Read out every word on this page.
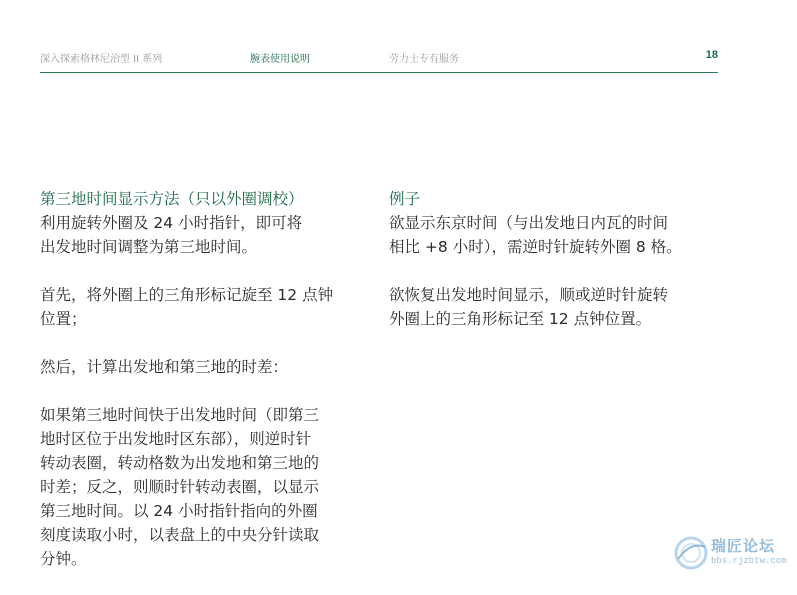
深入探索格林尼治型 II 系列	腕表使用说明	劳力士专有服务	18
第三地时间显示方法（只以外圈调校）

利用旋转外圈及 24 小时指针，即可将
出发地时间调整为第三地时间。

首先，将外圈上的三角形标记旋至 12 点钟
位置；

然后，计算出发地和第三地的时差：

如果第三地时间快于出发地时间（即第三
地时区位于出发地时区东部），则逆时针
转动表圈，转动格数为出发地和第三地的
时差；反之，则顺时针转动表圈，以显示
第三地时间。以 24 小时指针指向的外圈
刻度读取小时，以表盘上的中央分针读取
分钟。

例子

欲显示东京时间（与出发地日内瓦的时间
相比 +8 小时），需逆时针旋转外圈 8 格。

欲恢复出发地时间显示，顺或逆时针旋转
外圈上的三角形标记至 12 点钟位置。

瑞匠论坛
bbs.rjzbtw.com
